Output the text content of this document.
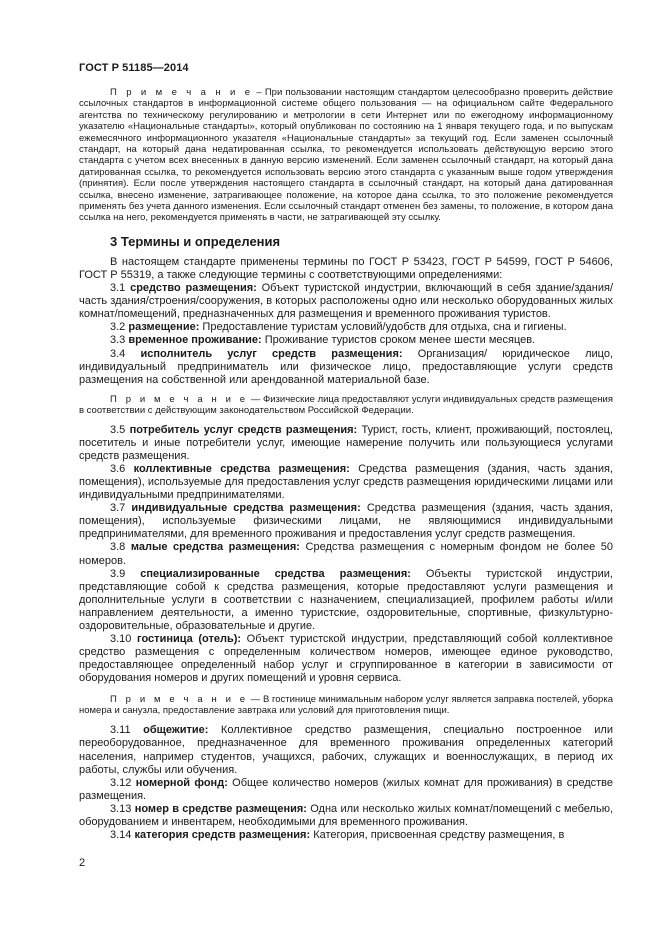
ГОСТ Р 51185—2014

П р и м е ч а н и е – При пользовании настоящим стандартом целесообразно проверить действие ссылочных стандартов в информационной системе общего пользования — на официальном сайте Федерального агентства по техническому регулированию и метрологии в сети Интернет или по ежегодному информационному указателю «Национальные стандарты», который опубликован по состоянию на 1 января текущего года, и по выпускам ежемесячного информационного указателя «Национальные стандарты» за текущий год. Если заменен ссылочный стандарт, на который дана недатированная ссылка, то рекомендуется использовать действующую версию этого стандарта с учетом всех внесенных в данную версию изменений. Если заменен ссылочный стандарт, на который дана датированная ссылка, то рекомендуется использовать версию этого стандарта с указанным выше годом утверждения (принятия). Если после утверждения настоящего стандарта в ссылочный стандарт, на который дана датированная ссылка, внесено изменение, затрагивающее положение, на которое дана ссылка, то это положение рекомендуется применять без учета данного изменения. Если ссылочный стандарт отменен без замены, то положение, в котором дана ссылка на него, рекомендуется применять в части, не затрагивающей эту ссылку.

3 Термины и определения

В настоящем стандарте применены термины по ГОСТ Р 53423, ГОСТ Р 54599, ГОСТ Р 54606, ГОСТ Р 55319, а также следующие термины с соответствующими определениями:

3.1 средство размещения: Объект туристской индустрии, включающий в себя здание/здания/часть здания/строения/сооружения, в которых расположены одно или несколько оборудованных жилых комнат/помещений, предназначенных для размещения и временного проживания туристов.

3.2 размещение: Предоставление туристам условий/удобств для отдыха, сна и гигиены.

3.3 временное проживание: Проживание туристов сроком менее шести месяцев.

3.4 исполнитель услуг средств размещения: Организация/ юридическое лицо, индивидуальный предприниматель или физическое лицо, предоставляющие услуги средств размещения на собственной или арендованной материальной базе.

П р и м е ч а н и е — Физические лица предоставляют услуги индивидуальных средств размещения в соответствии с действующим законодательством Российской Федерации.

3.5 потребитель услуг средств размещения: Турист, гость, клиент, проживающий, постоялец, посетитель и иные потребители услуг, имеющие намерение получить или пользующиеся услугами средств размещения.

3.6 коллективные средства размещения: Средства размещения (здания, часть здания, помещения), используемые для предоставления услуг средств размещения юридическими лицами или индивидуальными предпринимателями.

3.7 индивидуальные средства размещения: Средства размещения (здания, часть здания, помещения), используемые физическими лицами, не являющимися индивидуальными предпринимателями, для временного проживания и предоставления услуг средств размещения.

3.8 малые средства размещения: Средства размещения с номерным фондом не более 50 номеров.

3.9 специализированные средства размещения: Объекты туристской индустрии, представляющие собой к средства размещения, которые предоставляют услуги размещения и дополнительные услуги в соответствии с назначением, специализацией, профилем работы и/или направлением деятельности, а именно туристские, оздоровительные, спортивные, физкультурно-оздоровительные, образовательные и другие.

3.10 гостиница (отель): Объект туристской индустрии, представляющий собой коллективное средство размещения с определенным количеством номеров, имеющее единое руководство, предоставляющее определенный набор услуг и сгруппированное в категории в зависимости от оборудования номеров и других помещений и уровня сервиса.

П р и м е ч а н и е — В гостинице минимальным набором услуг является заправка постелей, уборка номера и санузла, предоставление завтрака или условий для приготовления пищи.

3.11 общежитие: Коллективное средство размещения, специально построенное или переоборудованное, предназначенное для временного проживания определенных категорий населения, например студентов, учащихся, рабочих, служащих и военнослужащих, в период их работы, службы или обучения.

3.12 номерной фонд: Общее количество номеров (жилых комнат для проживания) в средстве размещения.

3.13 номер в средстве размещения: Одна или несколько жилых комнат/помещений с мебелью, оборудованием и инвентарем, необходимыми для временного проживания.

3.14 категория средств размещения: Категория, присвоенная средству размещения, в

2
